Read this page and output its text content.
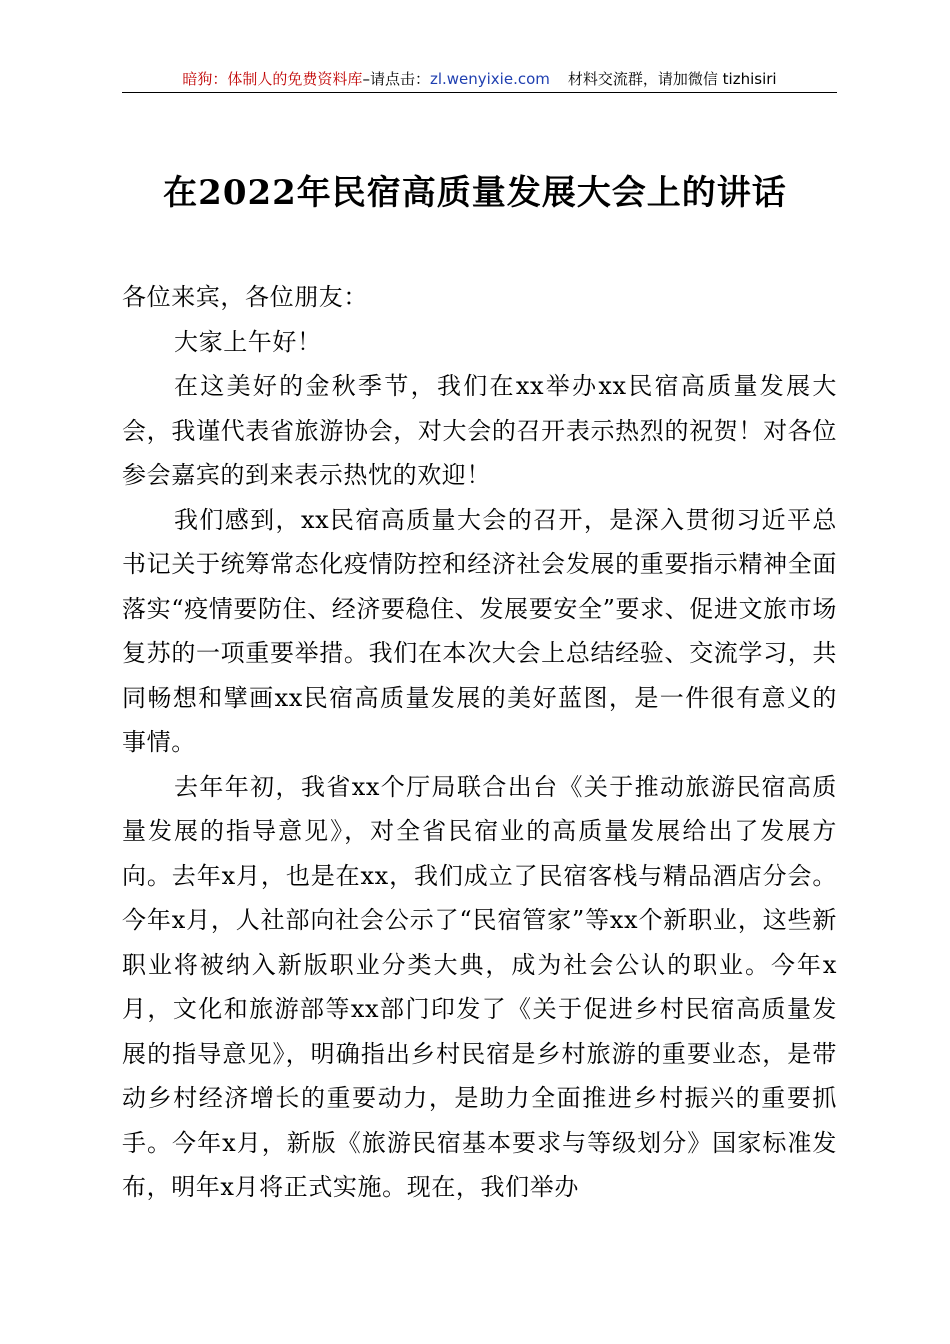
暗狗：体制人的免费资料库–请点击：zl.wenyixie.com 材料交流群，请加微信 tizhisiri
在2022年民宿高质量发展大会上的讲话

各位来宾，各位朋友：

大家上午好！

在这美好的金秋季节，我们在xx举办xx民宿高质量发展大会，我谨代表省旅游协会，对大会的召开表示热烈的祝贺！对各位参会嘉宾的到来表示热忱的欢迎！

我们感到，xx民宿高质量大会的召开，是深入贯彻习近平总书记关于统筹常态化疫情防控和经济社会发展的重要指示精神全面落实“疫情要防住、经济要稳住、发展要安全”要求、促进文旅市场复苏的一项重要举措。我们在本次大会上总结经验、交流学习，共同畅想和擘画xx民宿高质量发展的美好蓝图，是一件很有意义的事情。

去年年初，我省xx个厅局联合出台《关于推动旅游民宿高质量发展的指导意见》，对全省民宿业的高质量发展给出了发展方向。去年x月，也是在xx，我们成立了民宿客栈与精品酒店分会。今年x月，人社部向社会公示了“民宿管家”等xx个新职业，这些新职业将被纳入新版职业分类大典，成为社会公认的职业。今年x月，文化和旅游部等xx部门印发了《关于促进乡村民宿高质量发展的指导意见》，明确指出乡村民宿是乡村旅游的重要业态，是带动乡村经济增长的重要动力，是助力全面推进乡村振兴的重要抓手。今年x月，新版《旅游民宿基本要求与等级划分》国家标准发布，明年x月将正式实施。现在，我们举办
